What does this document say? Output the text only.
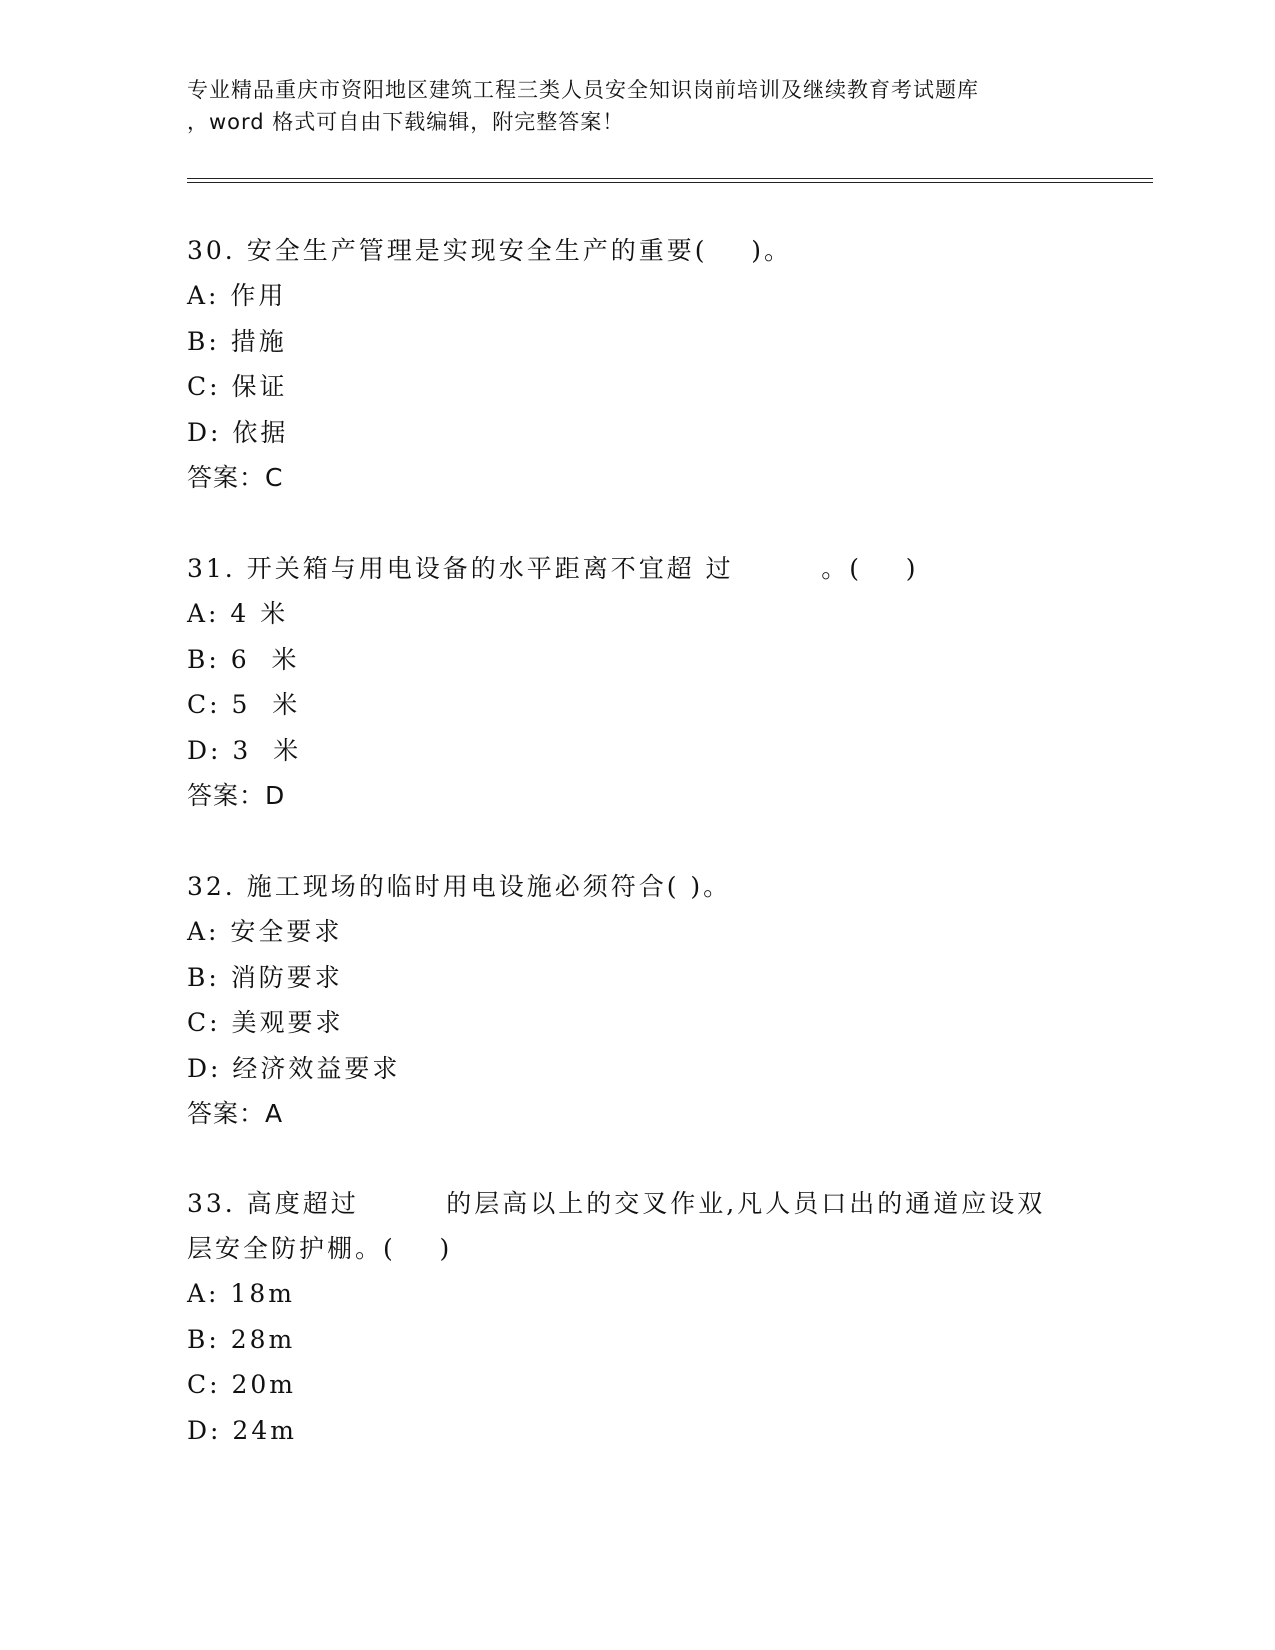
专业精品重庆市资阳地区建筑工程三类人员安全知识岗前培训及继续教育考试题库
，word 格式可自由下载编辑，附完整答案！

30. 安全生产管理是实现安全生产的重要(    )。

A: 作用

B: 措施

C: 保证

D: 依据

答案：C

31. 开关箱与用电设备的水平距离不宜超 过        。(    )

A: 4 米

B: 6  米

C: 5  米

D: 3  米

答案：D

32. 施工现场的临时用电设施必须符合( )。

A: 安全要求

B: 消防要求

C: 美观要求

D: 经济效益要求

答案：A

33. 高度超过        的层高以上的交叉作业,凡人员口出的通道应设双

层安全防护棚。(    )

A: 18m

B: 28m

C: 20m

D: 24m
